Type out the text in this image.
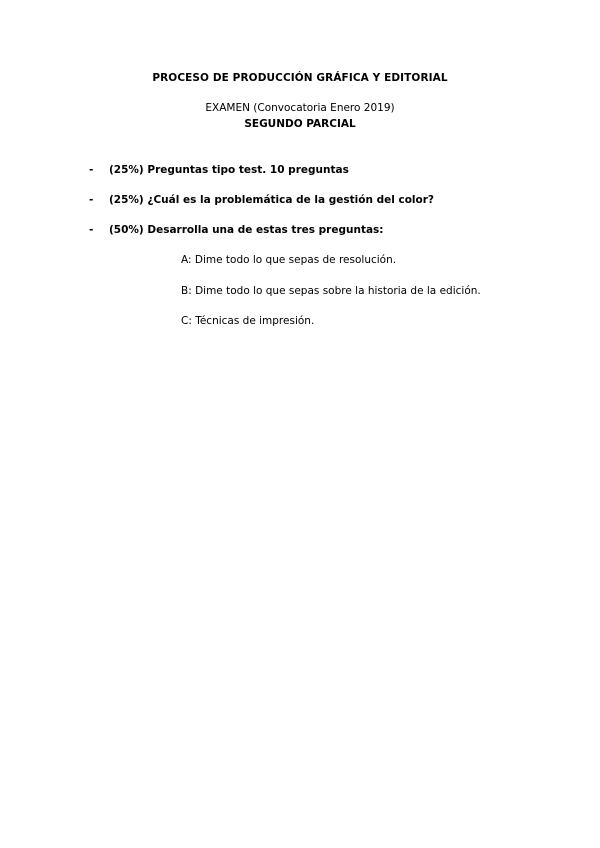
PROCESO DE PRODUCCIÓN GRÁFICA Y EDITORIAL
EXAMEN (Convocatoria Enero 2019)
SEGUNDO PARCIAL
- (25%) Preguntas tipo test. 10 preguntas
- (25%) ¿Cuál es la problemática de la gestión del color?
- (50%) Desarrolla una de estas tres preguntas:
A: Dime todo lo que sepas de resolución.
B: Dime todo lo que sepas sobre la historia de la edición.
C: Técnicas de impresión.
